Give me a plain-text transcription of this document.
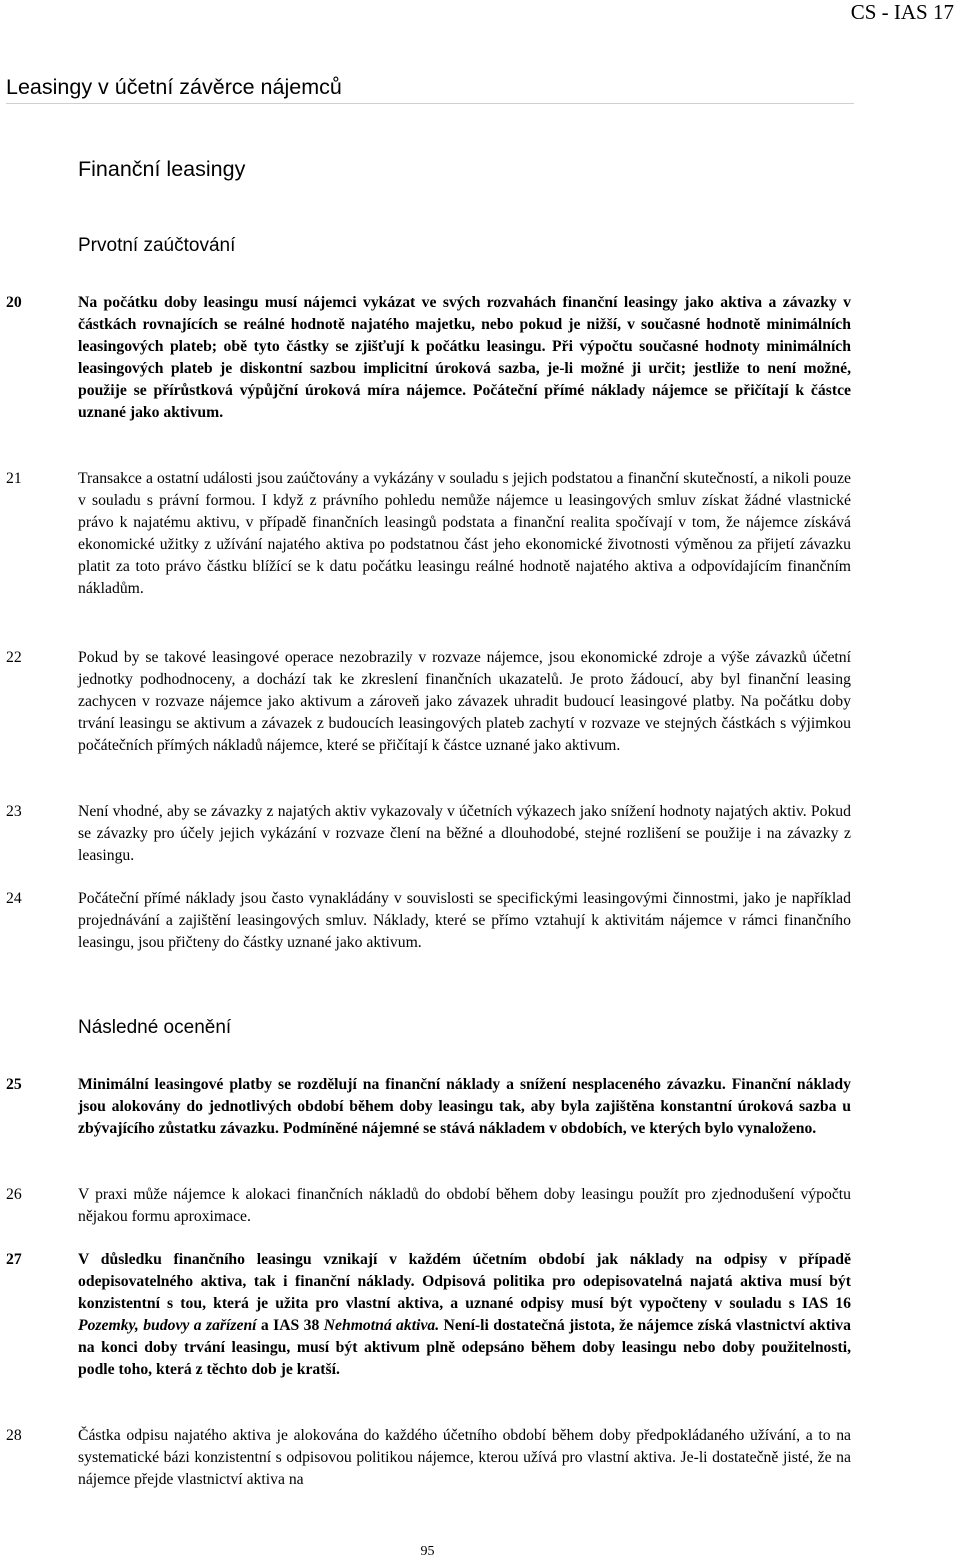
CS - IAS 17
Leasingy v účetní závěrce nájemců
Finanční leasingy
Prvotní zaúčtování
20	Na počátku doby leasingu musí nájemci vykázat ve svých rozvahách finanční leasingy jako aktiva a závazky v částkách rovnajících se reálné hodnotě najatého majetku, nebo pokud je nižší, v současné hodnotě minimálních leasingových plateb; obě tyto částky se zjišťují k počátku leasingu. Při výpočtu současné hodnoty minimálních leasingových plateb je diskontní sazbou implicitní úroková sazba, je-li možné ji určit; jestliže to není možné, použije se přírůstková výpůjční úroková míra nájemce. Počáteční přímé náklady nájemce se přičítají k částce uznané jako aktivum.
21	Transakce a ostatní události jsou zaúčtovány a vykázány v souladu s jejich podstatou a finanční skutečností, a nikoli pouze v souladu s právní formou. I když z právního pohledu nemůže nájemce u leasingových smluv získat žádné vlastnické právo k najatému aktivu, v případě finančních leasingů podstata a finanční realita spočívají v tom, že nájemce získává ekonomické užitky z užívání najatého aktiva po podstatnou část jeho ekonomické životnosti výměnou za přijetí závazku platit za toto právo částku blížící se k datu počátku leasingu reálné hodnotě najatého aktiva a odpovídajícím finančním nákladům.
22	Pokud by se takové leasingové operace nezobrazily v rozvaze nájemce, jsou ekonomické zdroje a výše závazků účetní jednotky podhodnoceny, a dochází tak ke zkreslení finančních ukazatelů. Je proto žádoucí, aby byl finanční leasing zachycen v rozvaze nájemce jako aktivum a zároveň jako závazek uhradit budoucí leasingové platby. Na počátku doby trvání leasingu se aktivum a závazek z budoucích leasingových plateb zachytí v rozvaze ve stejných částkách s výjimkou počátečních přímých nákladů nájemce, které se přičítají k částce uznané jako aktivum.
23	Není vhodné, aby se závazky z najatých aktiv vykazovaly v účetních výkazech jako snížení hodnoty najatých aktiv. Pokud se závazky pro účely jejich vykázání v rozvaze člení na běžné a dlouhodobé, stejné rozlišení se použije i na závazky z leasingu.
24	Počáteční přímé náklady jsou často vynakládány v souvislosti se specifickými leasingovými činnostmi, jako je například projednávání a zajištění leasingových smluv. Náklady, které se přímo vztahují k aktivitám nájemce v rámci finančního leasingu, jsou přičteny do částky uznané jako aktivum.
Následné ocenění
25	Minimální leasingové platby se rozdělují na finanční náklady a snížení nesplaceného závazku. Finanční náklady jsou alokovány do jednotlivých období během doby leasingu tak, aby byla zajištěna konstantní úroková sazba u zbývajícího zůstatku závazku. Podmíněné nájemné se stává nákladem v obdobích, ve kterých bylo vynaloženo.
26	V praxi může nájemce k alokaci finančních nákladů do období během doby leasingu použít pro zjednodušení výpočtu nějakou formu aproximace.
27	V důsledku finančního leasingu vznikají v každém účetním období jak náklady na odpisy v případě odepisovatelného aktiva, tak i finanční náklady. Odpisová politika pro odepisovatelná najatá aktiva musí být konzistentní s tou, která je užita pro vlastní aktiva, a uznané odpisy musí být vypočteny v souladu s IAS 16 Pozemky, budovy a zařízení a IAS 38 Nehmotná aktiva. Není-li dostatečná jistota, že nájemce získá vlastnictví aktiva na konci doby trvání leasingu, musí být aktivum plně odepsáno během doby leasingu nebo doby použitelnosti, podle toho, která z těchto dob je kratší.
28	Částka odpisu najatého aktiva je alokována do každého účetního období během doby předpokládaného užívání, a to na systematické bázi konzistentní s odpisovou politikou nájemce, kterou užívá pro vlastní aktiva. Je-li dostatečně jisté, že na nájemce přejde vlastnictví aktiva na
95
